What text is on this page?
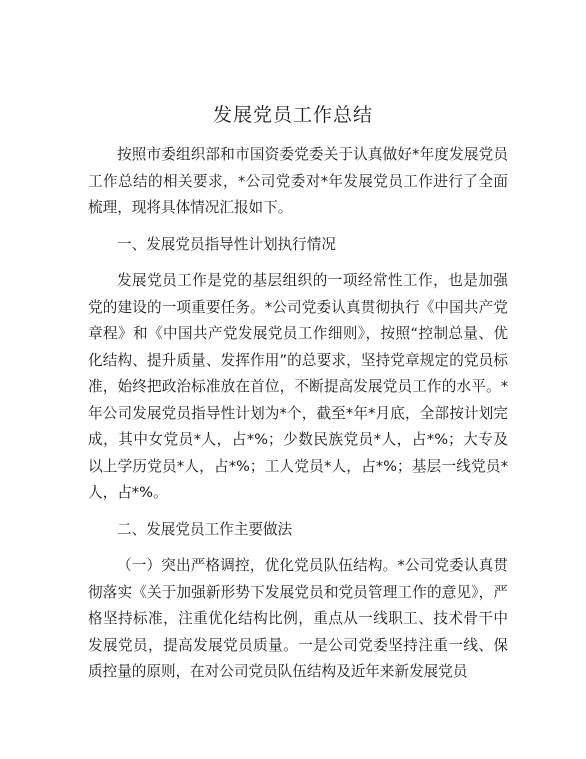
发展党员工作总结

按照市委组织部和市国资委党委关于认真做好*年度发展党员工作总结的相关要求，*公司党委对*年发展党员工作进行了全面梳理，现将具体情况汇报如下。

一、发展党员指导性计划执行情况

发展党员工作是党的基层组织的一项经常性工作，也是加强党的建设的一项重要任务。*公司党委认真贯彻执行《中国共产党章程》和《中国共产党发展党员工作细则》，按照“控制总量、优化结构、提升质量、发挥作用”的总要求，坚持党章规定的党员标准，始终把政治标准放在首位，不断提高发展党员工作的水平。*年公司发展党员指导性计划为*个，截至*年*月底，全部按计划完成，其中女党员*人，占*%；少数民族党员*人，占*%；大专及以上学历党员*人，占*%；工人党员*人，占*%；基层一线党员*人，占*%。

二、发展党员工作主要做法

（一）突出严格调控，优化党员队伍结构。*公司党委认真贯彻落实《关于加强新形势下发展党员和党员管理工作的意见》，严格坚持标准，注重优化结构比例，重点从一线职工、技术骨干中发展党员，提高发展党员质量。一是公司党委坚持注重一线、保质控量的原则，在对公司党员队伍结构及近年来新发展党员
